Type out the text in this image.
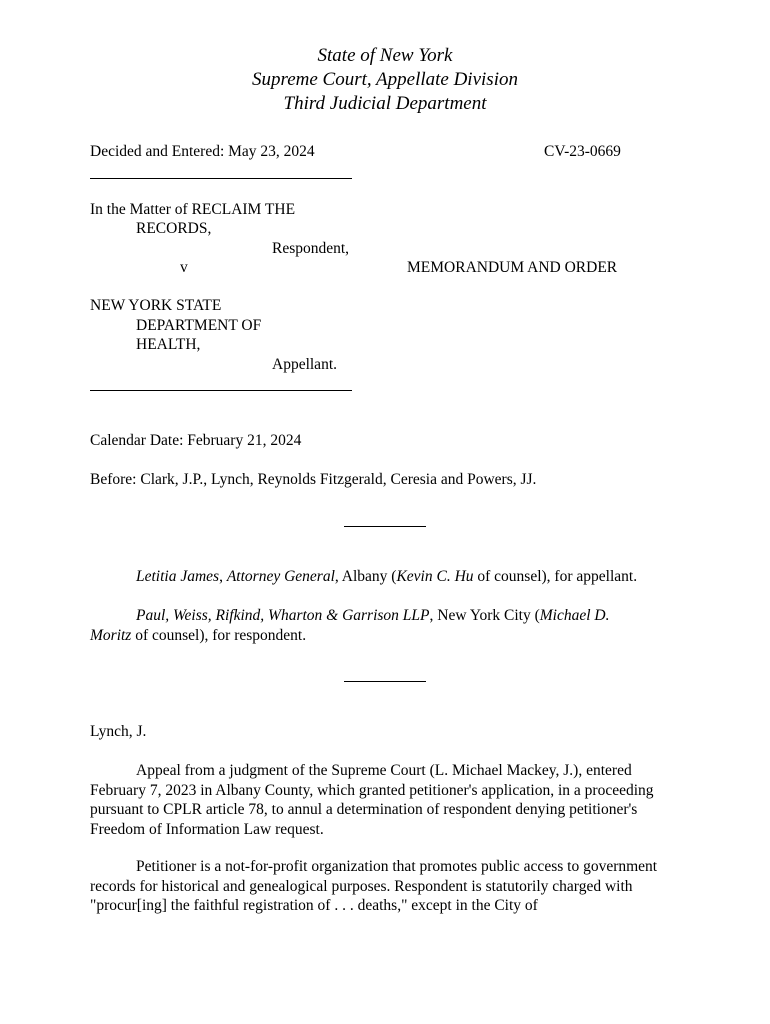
State of New York
Supreme Court, Appellate Division
Third Judicial Department
Decided and Entered: May 23, 2024	CV-23-0669
In the Matter of RECLAIM THE
RECORDS,
Respondent,
v	MEMORANDUM AND ORDER
NEW YORK STATE
DEPARTMENT OF
HEALTH,
Appellant.
Calendar Date: February 21, 2024
Before: Clark, J.P., Lynch, Reynolds Fitzgerald, Ceresia and Powers, JJ.
Letitia James, Attorney General, Albany (Kevin C. Hu of counsel), for appellant.
Paul, Weiss, Rifkind, Wharton & Garrison LLP, New York City (Michael D.
Moritz of counsel), for respondent.
Lynch, J.
Appeal from a judgment of the Supreme Court (L. Michael Mackey, J.), entered February 7, 2023 in Albany County, which granted petitioner's application, in a proceeding pursuant to CPLR article 78, to annul a determination of respondent denying petitioner's Freedom of Information Law request.
Petitioner is a not-for-profit organization that promotes public access to government records for historical and genealogical purposes. Respondent is statutorily charged with "procur[ing] the faithful registration of . . . deaths," except in the City of
